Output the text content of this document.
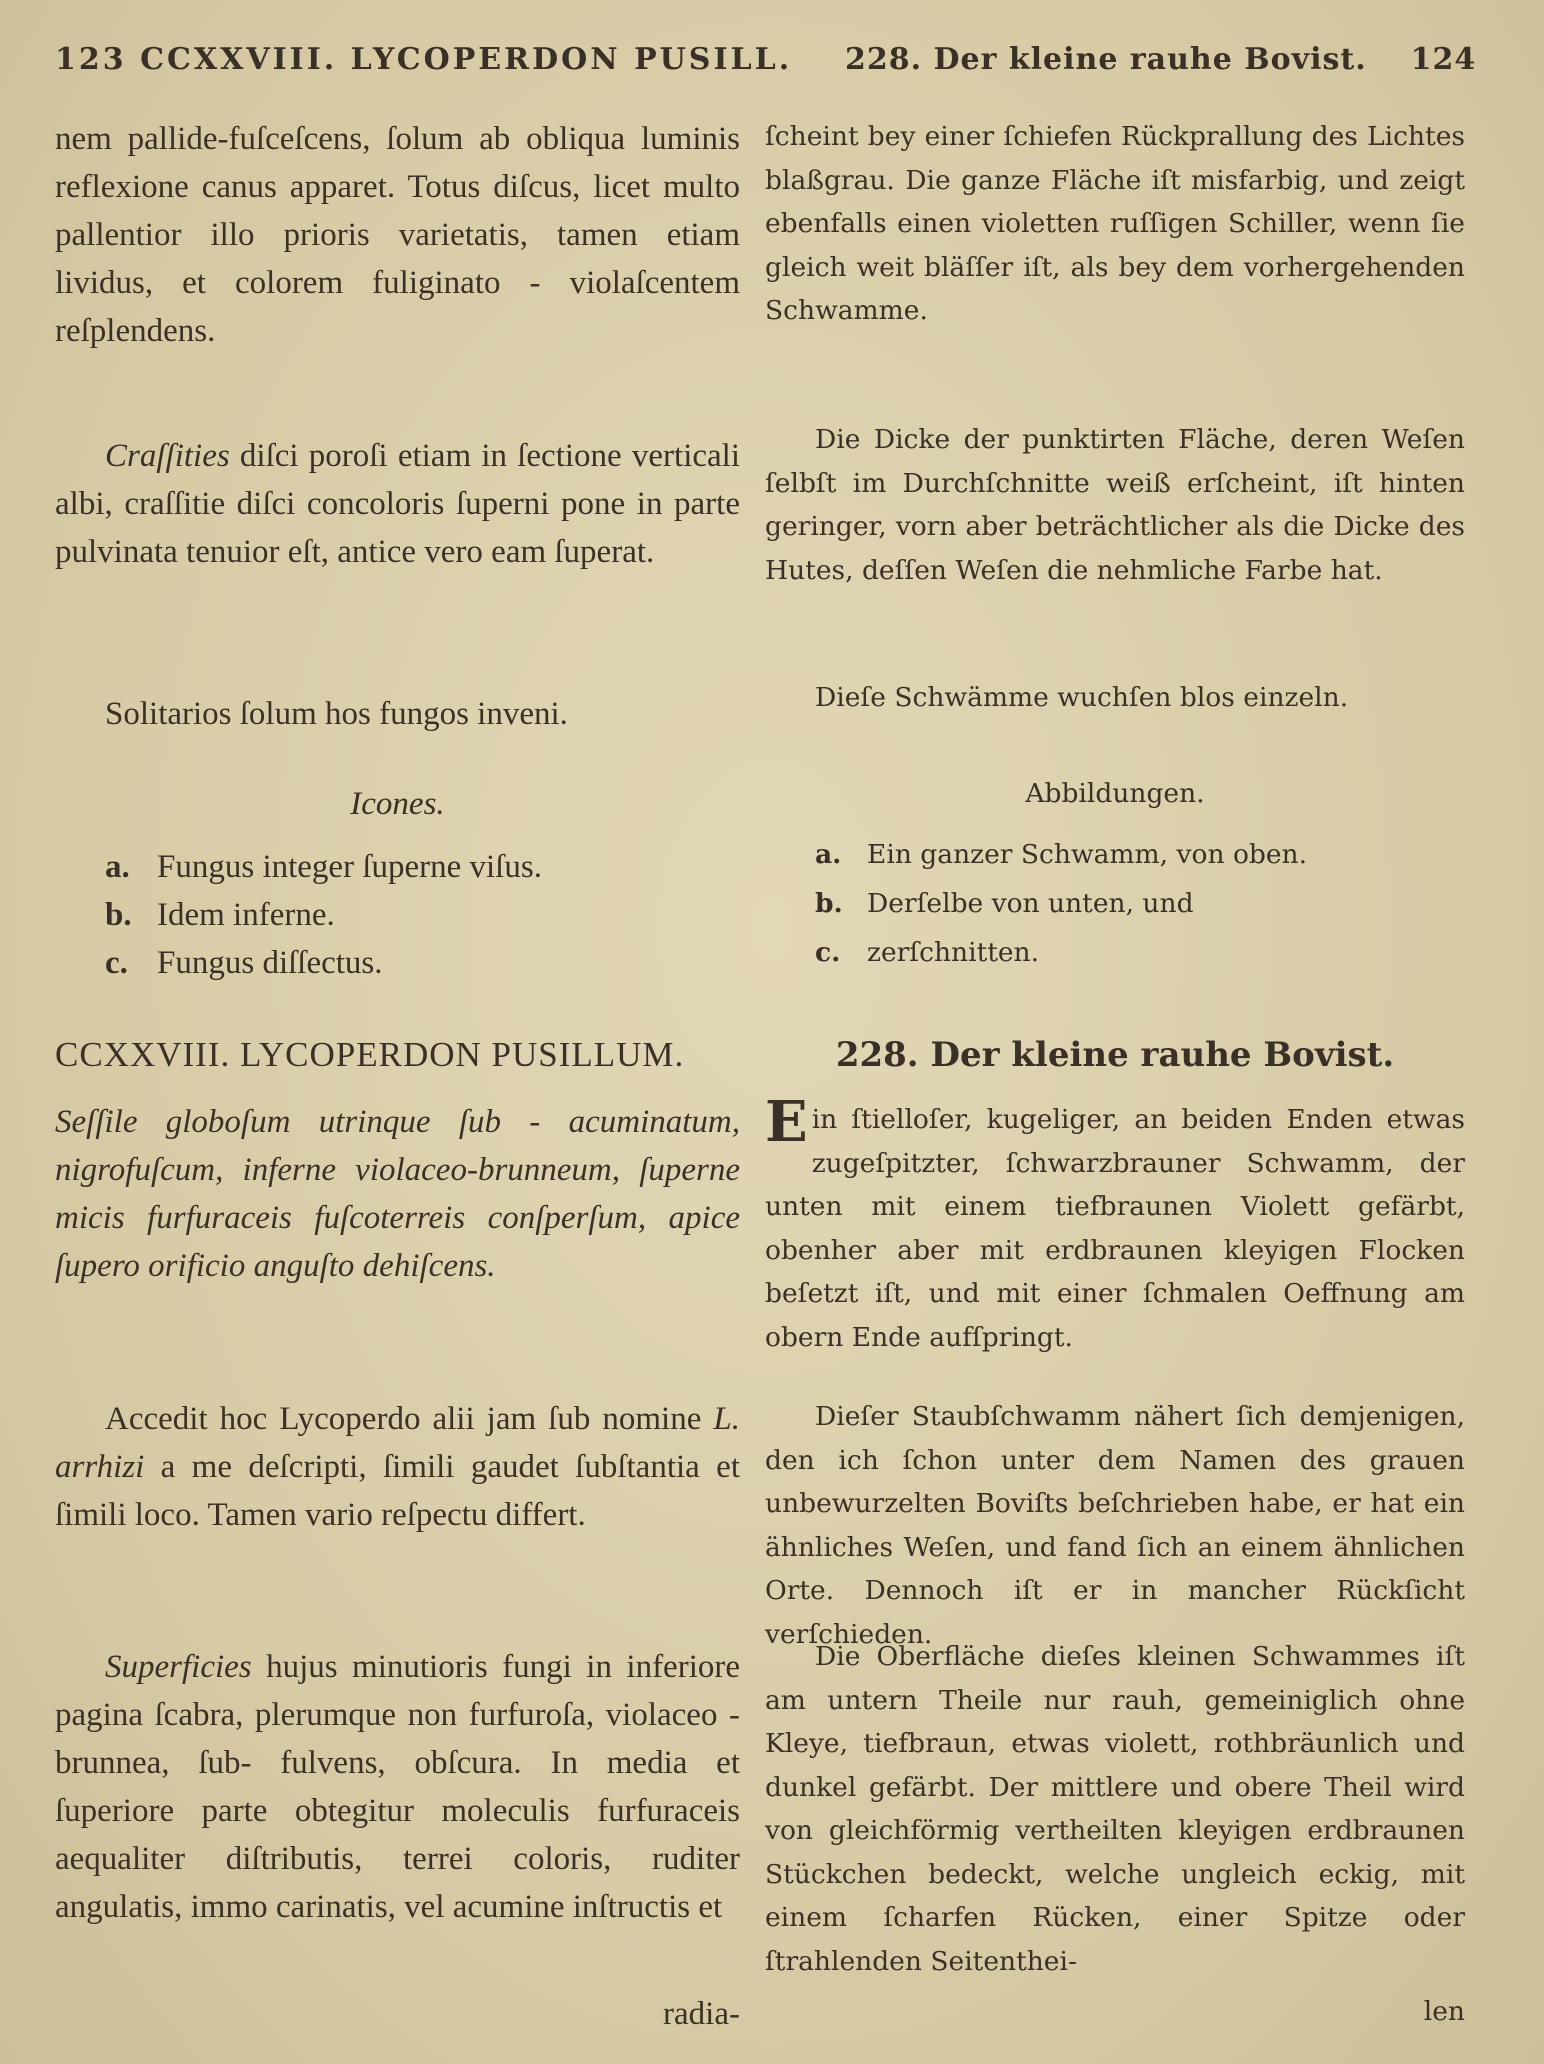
123 CCXXVIII. LYCOPERDON PUSILL.

nem pallide-fuſceſcens, ſolum ab obliqua luminis reflexione canus apparet. Totus diſcus, licet multo pallentior illo prioris varietatis, tamen etiam lividus, et colorem fuliginato - violaſcentem reſplendens.

Craſſities diſci poroſi etiam in ſectione verticali albi, craſſitie diſci concoloris ſuperni pone in parte pulvinata tenuior eſt, antice vero eam ſuperat.

Solitarios ſolum hos fungos inveni.

Icones.

a. Fungus integer ſuperne viſus.
b. Idem inferne.
c. Fungus diſſectus.

CCXXVIII. LYCOPERDON PUSILLUM.

Seſſile globoſum utrinque ſub - acuminatum, nigrofuſcum, inferne violaceo-brunneum, ſuperne micis furfuraceis fuſcoterreis conſperſum, apice ſupero orificio anguſto dehiſcens.

Accedit hoc Lycoperdo alii jam ſub nomine L. arrhizi a me deſcripti, ſimili gaudet ſubſtantia et ſimili loco. Tamen vario reſpectu differt.

Superficies hujus minutioris fungi in inferiore pagina ſcabra, plerumque non furfuroſa, violaceo - brunnea, ſub- fulvens, obſcura. In media et ſuperiore parte obtegitur moleculis furfuraceis aequaliter diſtributis, terrei coloris, ruditer angulatis, immo carinatis, vel acumine inſtructis et

radia-
228. Der kleine rauhe Bovist. 124

ſcheint bey einer ſchiefen Rückprallung des Lichtes blaßgrau. Die ganze Fläche iſt misfarbig, und zeigt ebenfalls einen violetten ruſſigen Schiller, wenn ſie gleich weit bläſſer iſt, als bey dem vorhergehenden Schwamme.

Die Dicke der punktirten Fläche, deren Weſen ſelbſt im Durchſchnitte weiß erſcheint, iſt hinten geringer, vorn aber beträchtlicher als die Dicke des Hutes, deſſen Weſen die nehmliche Farbe hat.

Dieſe Schwämme wuchſen blos einzeln.

Abbildungen.

a. Ein ganzer Schwamm, von oben.
b. Derſelbe von unten, und
c.	zerſchnitten.

228. Der kleine rauhe Bovist.

Ein ſtielloſer, kugeliger, an beiden Enden etwas zugeſpitzter, ſchwarzbrauner Schwamm, der unten mit einem tiefbraunen Violett gefärbt, obenher aber mit erdbraunen kleyigen Flocken beſetzt iſt, und mit einer ſchmalen Oeffnung am obern Ende aufſpringt.

Dieſer Staubſchwamm nähert ſich demjenigen, den ich ſchon unter dem Namen des grauen unbewurzelten Boviſts beſchrieben habe, er hat ein ähnliches Weſen, und fand ſich an einem ähnlichen Orte. Dennoch iſt er in mancher Rückſicht verſchieden.

Die Oberfläche dieſes kleinen Schwammes iſt am untern Theile nur rauh, gemeiniglich ohne Kleye, tiefbraun, etwas violett, rothbräunlich und dunkel gefärbt. Der mittlere und obere Theil wird von gleichförmig vertheilten kleyigen erdbraunen Stückchen bedeckt, welche ungleich eckig, mit einem ſcharfen Rücken, einer Spitze oder ſtrahlenden Seitenthei-

len
